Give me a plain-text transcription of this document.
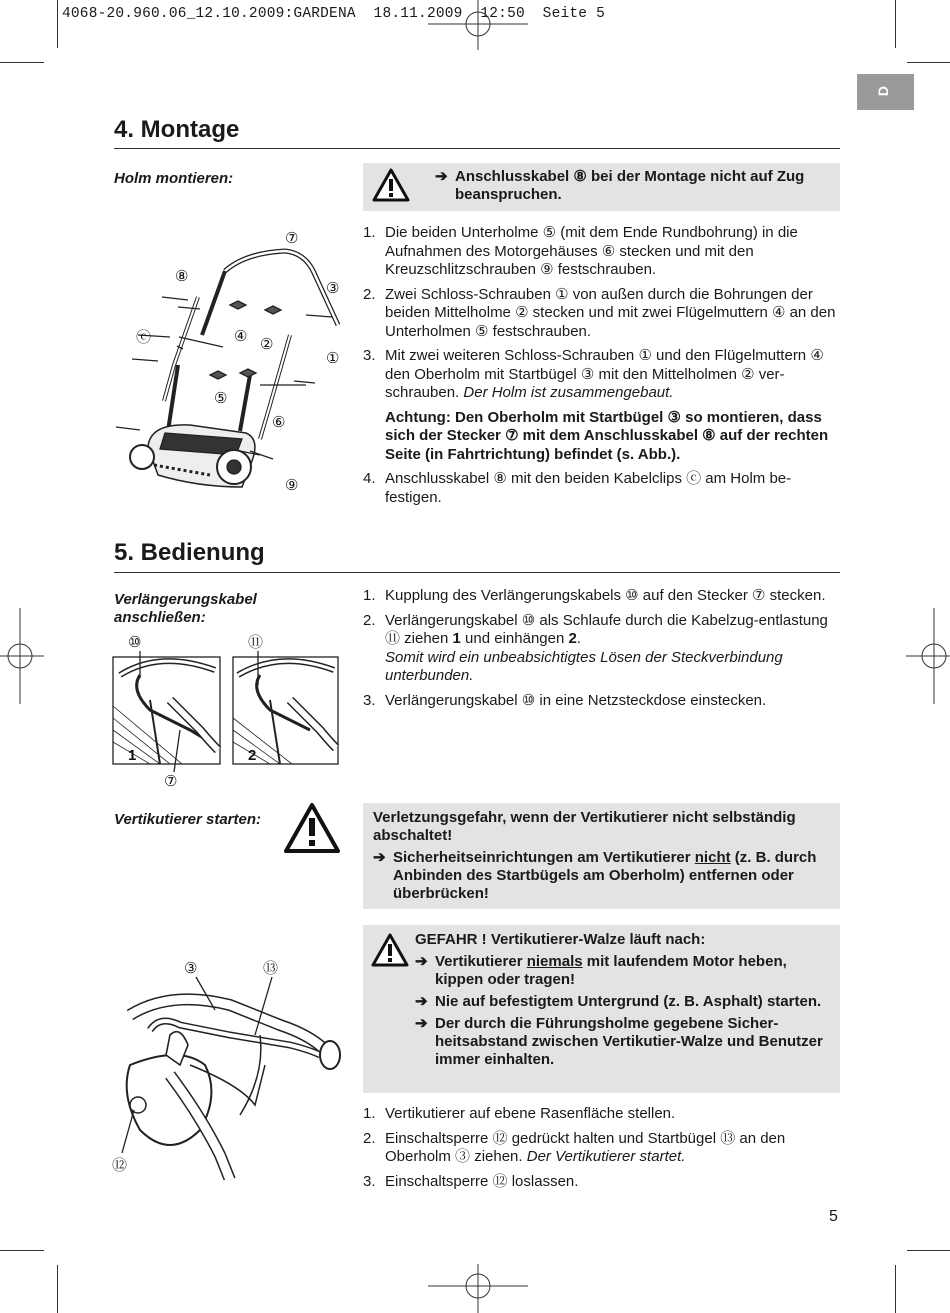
4068-20.960.06_12.10.2009:GARDENA  18.11.2009  12:50  Seite 5
D
4. Montage
Holm montieren:	➔ Anschlusskabel ⑧ bei der Montage nicht auf Zug beanspruchen.
1. Die beiden Unterholme ⑤ (mit dem Ende Rundbohrung) in die Aufnahmen des Motorgehäuses ⑥ stecken und mit den Kreuzschlitzschrauben ⑨ festschrauben.
2. Zwei Schloss-Schrauben ① von außen durch die Bohrungen der beiden Mittelholme ② stecken und mit zwei Flügelmuttern ④ an den Unterholmen ⑤ festschrauben.
3. Mit zwei weiteren Schloss-Schrauben ① und den Flügelmuttern ④ den Oberholm mit Startbügel ③ mit den Mittelholmen ② ver-schrauben. Der Holm ist zusammengebaut.
Achtung: Den Oberholm mit Startbügel ③ so montieren, dass sich der Stecker ⑦ mit dem Anschlusskabel ⑧ auf der rechten Seite (in Fahrtrichtung) befindet (s. Abb.).
4. Anschlusskabel ⑧ mit den beiden Kabelclips ⓒ am Holm be-festigen.
⑦
⑧
③
ⓒ	④ ②
①
⑤
⑥
⑨
5. Bedienung
Verlängerungskabel anschließen:
1. Kupplung des Verlängerungskabels ⑩ auf den Stecker ⑦ stecken.
2. Verlängerungskabel ⑩ als Schlaufe durch die Kabelzug-entlastung ⑪ ziehen 1 und einhängen 2.
Somit wird ein unbeabsichtigtes Lösen der Steckverbindung unterbunden.
3. Verlängerungskabel ⑩ in eine Netzsteckdose einstecken.
⑩	⑪
1	2
⑦
Vertikutierer starten:	Verletzungsgefahr, wenn der Vertikutierer nicht selbständig abschaltet!
➔ Sicherheitseinrichtungen am Vertikutierer nicht (z. B. durch Anbinden des Startbügels am Oberholm) entfernen oder überbrücken!
GEFAHR ! Vertikutierer-Walze läuft nach:
➔ Vertikutierer niemals mit laufendem Motor heben, kippen oder tragen!
➔ Nie auf befestigtem Untergrund (z. B. Asphalt) starten.
➔ Der durch die Führungsholme gegebene Sicher-heitsabstand zwischen Vertikutier-Walze und Benutzer immer einhalten.
1. Vertikutierer auf ebene Rasenfläche stellen.
2. Einschaltsperre ⑫ gedrückt halten und Startbügel ⑬ an den Oberholm ③ ziehen. Der Vertikutierer startet.
3. Einschaltsperre ⑫ loslassen.
③	⑬
⑫
5
